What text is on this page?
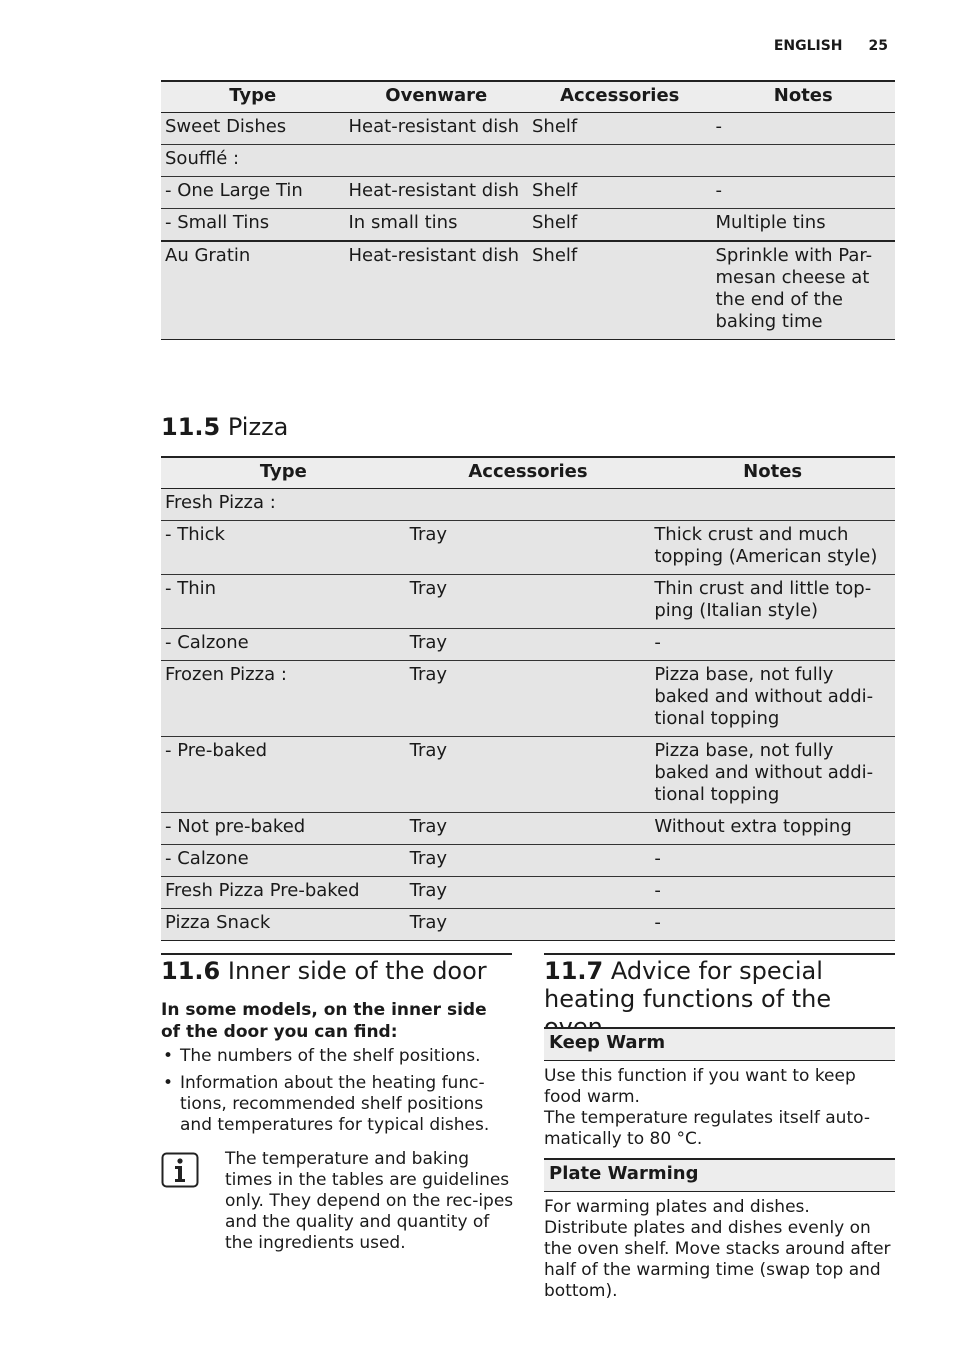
ENGLISH 25
Type	Ovenware	Accessories	Notes
Sweet Dishes	Heat-resistant dish	Shelf	-
Soufflé :			
- One Large Tin	Heat-resistant dish	Shelf	-
- Small Tins	In small tins	Shelf	Multiple tins
Au Gratin	Heat-resistant dish	Shelf	Sprinkle with Par-mesan cheese at the end of the baking time
11.5 Pizza
Type	Accessories	Notes
Fresh Pizza :		
- Thick	Tray	Thick crust and much topping (American style)
- Thin	Tray	Thin crust and little top-ping (Italian style)
- Calzone	Tray	-
Frozen Pizza :	Tray	Pizza base, not fully baked and without addi-tional topping
- Pre-baked	Tray	Pizza base, not fully baked and without addi-tional topping
- Not pre-baked	Tray	Without extra topping
- Calzone	Tray	-
Fresh Pizza Pre-baked	Tray	-
Pizza Snack	Tray	-
11.6 Inner side of the door

In some models, on the inner side of the door you can find:

• The numbers of the shelf positions.
• Information about the heating func-tions, recommended shelf positions and temperatures for typical dishes.

The temperature and baking times in the tables are guidelines only. They depend on the rec-ipes and the quality and quantity of the ingredients used.

11.7 Advice for special heating functions of the
Keep Warm
Use this function if you want to keep food warm.
The temperature regulates itself auto-matically to 80 °C.
Plate Warming

For warming plates and dishes. Distribute plates and dishes evenly on the oven shelf. Move stacks around after half of the warming time (swap top and bottom).
